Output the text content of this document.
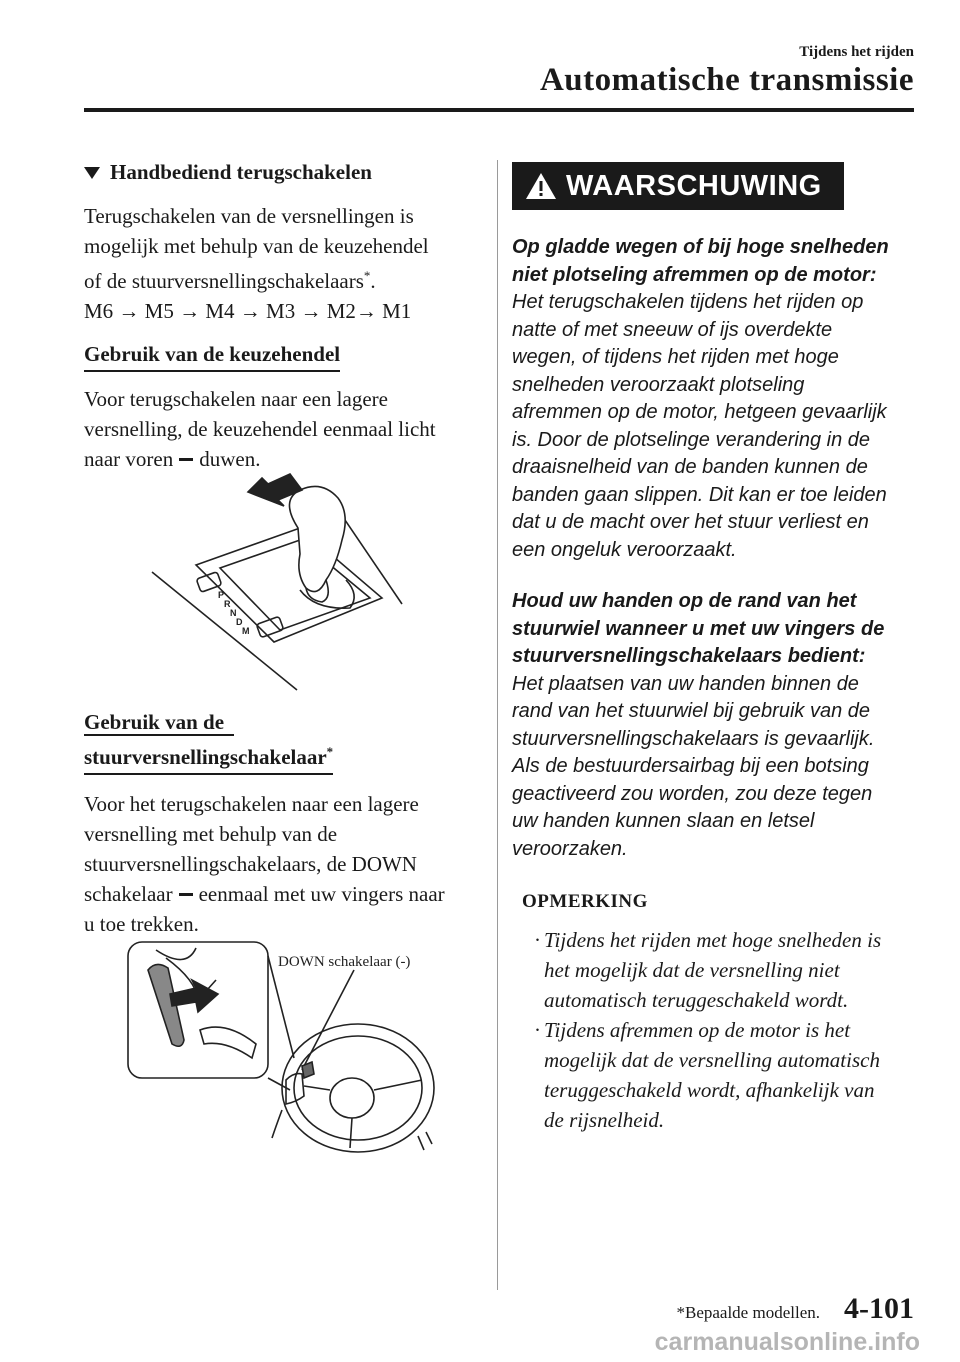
Tijdens het rijden
Automatische transmissie
Handbediend terugschakelen

Terugschakelen van de versnellingen is
mogelijk met behulp van de keuzehendel
of de stuurversnellingschakelaars*.
M6 → M5 → M4 → M3 → M2→ M1

Gebruik van de keuzehendel

Voor terugschakelen naar een lagere
versnelling, de keuzehendel eenmaal licht
naar voren duwen.

P
R
N
D
M
Gebruik van de
stuurversnellingschakelaar*

Voor het terugschakelen naar een lagere
versnelling met behulp van de
stuurversnellingschakelaars, de DOWN
schakelaar eenmaal met uw vingers naar
u toe trekken.

DOWN schakelaar (-)
WAARSCHUWING

Op gladde wegen of bij hoge snelheden
niet plotseling afremmen op de motor:

Het terugschakelen tijdens het rijden op
natte of met sneeuw of ijs overdekte
wegen, of tijdens het rijden met hoge
snelheden veroorzaakt plotseling
afremmen op de motor, hetgeen gevaarlijk
is. Door de plotselinge verandering in de
draaisnelheid van de banden kunnen de
banden gaan slippen. Dit kan er toe leiden
dat u de macht over het stuur verliest en
een ongeluk veroorzaakt.

Houd uw handen op de rand van het
stuurwiel wanneer u met uw vingers de
stuurversnellingschakelaars bedient:

Het plaatsen van uw handen binnen de
rand van het stuurwiel bij gebruik van de
stuurversnellingschakelaars is gevaarlijk.
Als de bestuurdersairbag bij een botsing
geactiveerd zou worden, zou deze tegen
uw handen kunnen slaan en letsel
veroorzaken.

OPMERKING

· Tijdens het rijden met hoge snelheden is
het mogelijk dat de versnelling niet
automatisch teruggeschakeld wordt.

· Tijdens afremmen op de motor is het
mogelijk dat de versnelling automatisch
teruggeschakeld wordt, afhankelijk van
de rijsnelheid.

*Bepaalde modellen. 4-101
carmanualsonline.info
